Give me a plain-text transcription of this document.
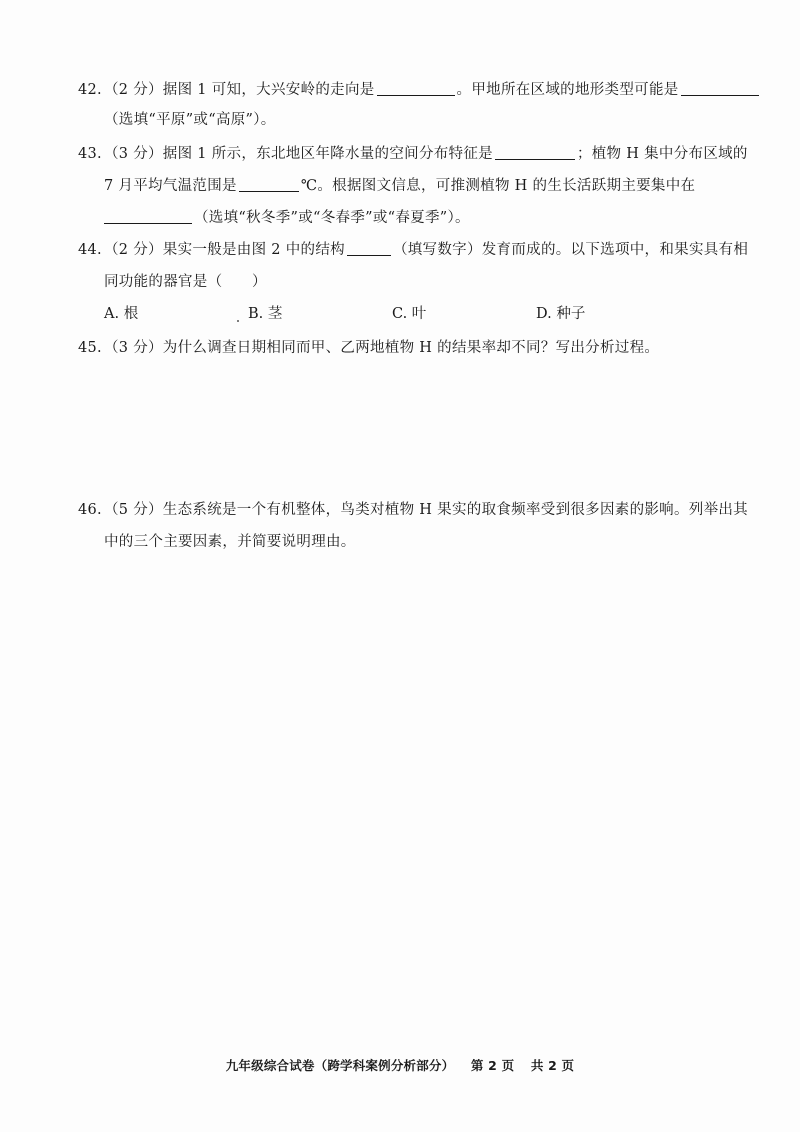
42. （2 分）据图 1 可知，大兴安岭的走向是	。甲地所在区域的地形类型可能是
（选填“平原”或“高原”）。
43. （3 分）据图 1 所示，东北地区年降水量的空间分布特征是	；植物 H 集中分布区域的
7 月平均气温范围是	℃。根据图文信息，可推测植物 H 的生长活跃期主要集中在
（选填“秋冬季”或“冬春季”或“春夏季”）。
44. （2 分）果实一般是由图 2 中的结构	（填写数字）发育而成的。以下选项中，和果实具有相
同功能的器官是（　　）
A. 根	B. 茎	C. 叶	D. 种子
45. （3 分）为什么调查日期相同而甲、乙两地植物 H 的结果率却不同？写出分析过程。
46. （5 分）生态系统是一个有机整体，鸟类对植物 H 果实的取食频率受到很多因素的影响。列举出其
中的三个主要因素，并简要说明理由。
九年级综合试卷（跨学科案例分析部分） 第 2 页 共 2 页
